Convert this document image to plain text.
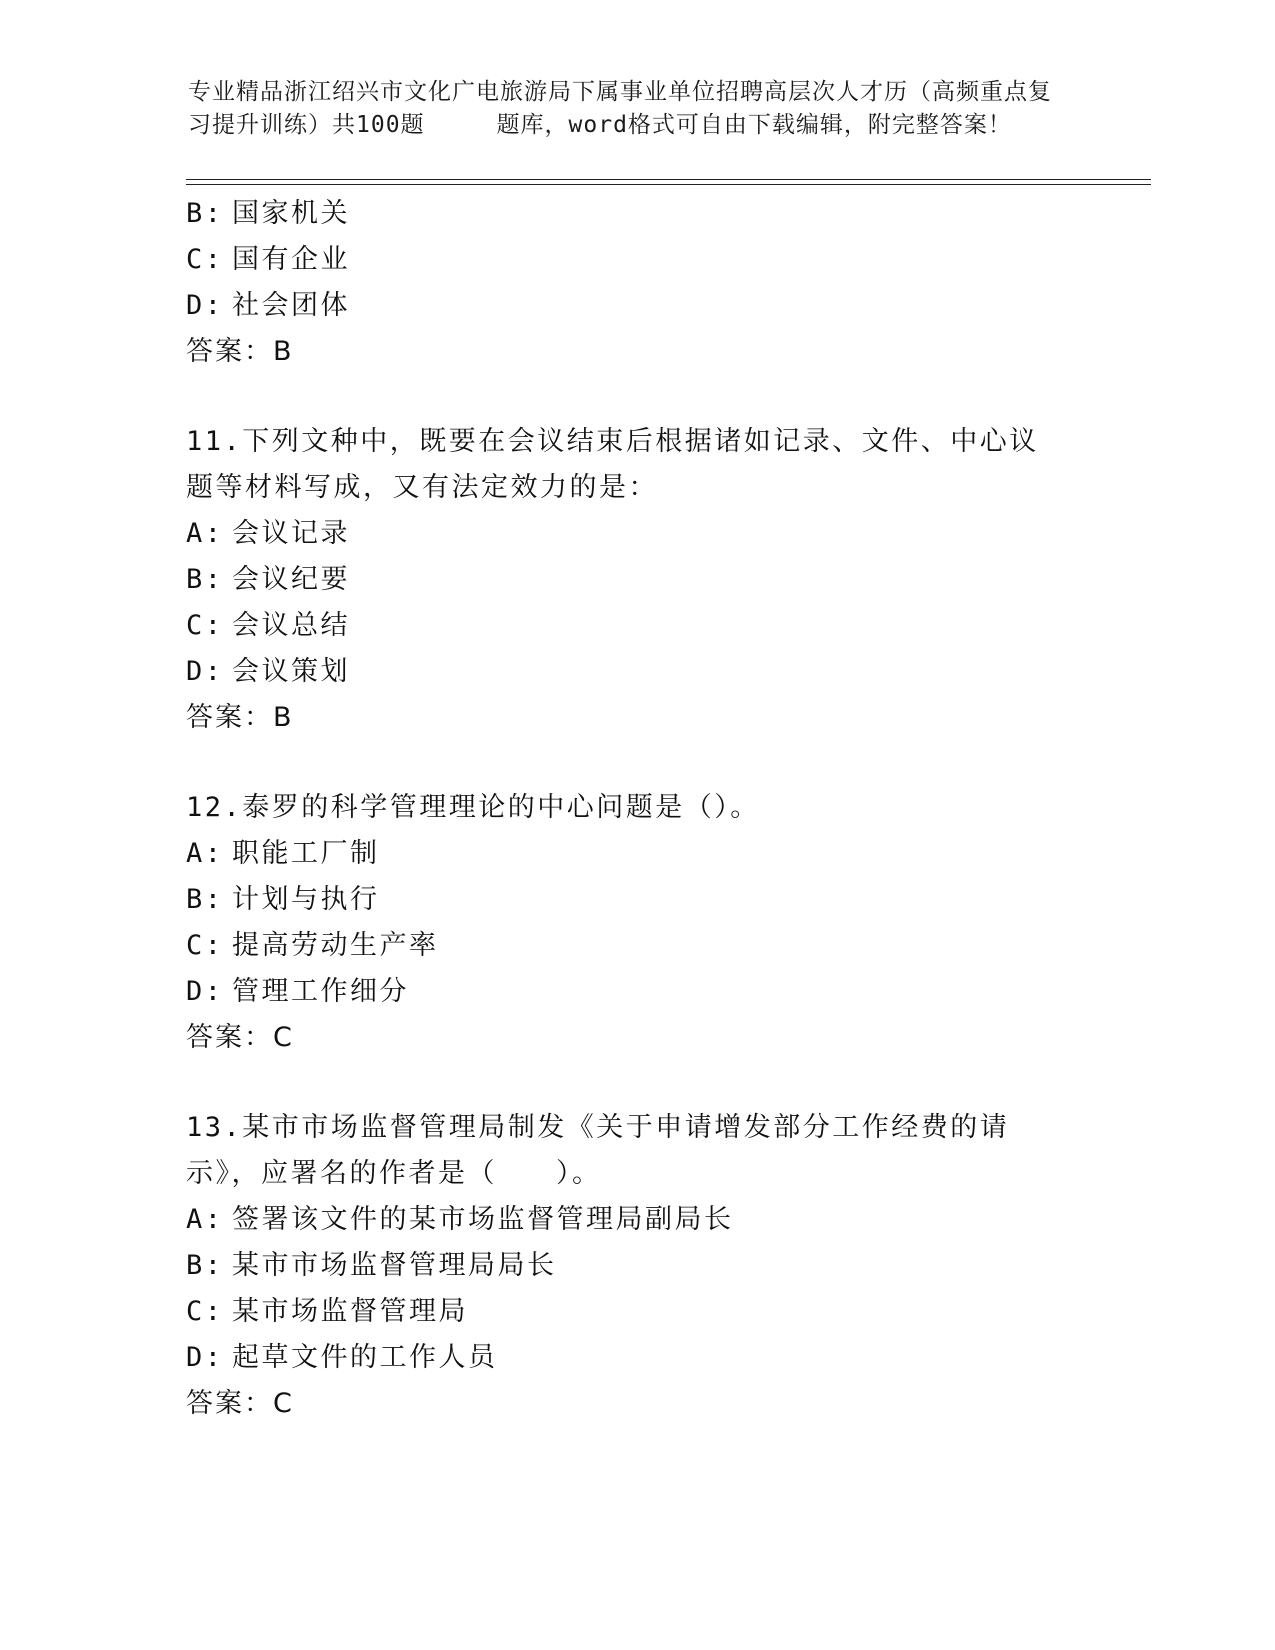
专业精品浙江绍兴市文化广电旅游局下属事业单位招聘高层次人才历（高频重点复
习提升训练）共100题	题库，word格式可自由下载编辑，附完整答案！
B: 国家机关
C: 国有企业
D: 社会团体
答案：B
11.下列文种中，既要在会议结束后根据诸如记录、文件、中心议题等材料写成，又有法定效力的是：
A: 会议记录
B: 会议纪要
C: 会议总结
D: 会议策划
答案：B
12.泰罗的科学管理理论的中心问题是（）。
A: 职能工厂制
B: 计划与执行
C: 提高劳动生产率
D: 管理工作细分
答案：C
13.某市市场监督管理局制发《关于申请增发部分工作经费的请示》，应署名的作者是（　　）。
A: 签署该文件的某市场监督管理局副局长
B: 某市市场监督管理局局长
C: 某市场监督管理局
D: 起草文件的工作人员
答案：C
